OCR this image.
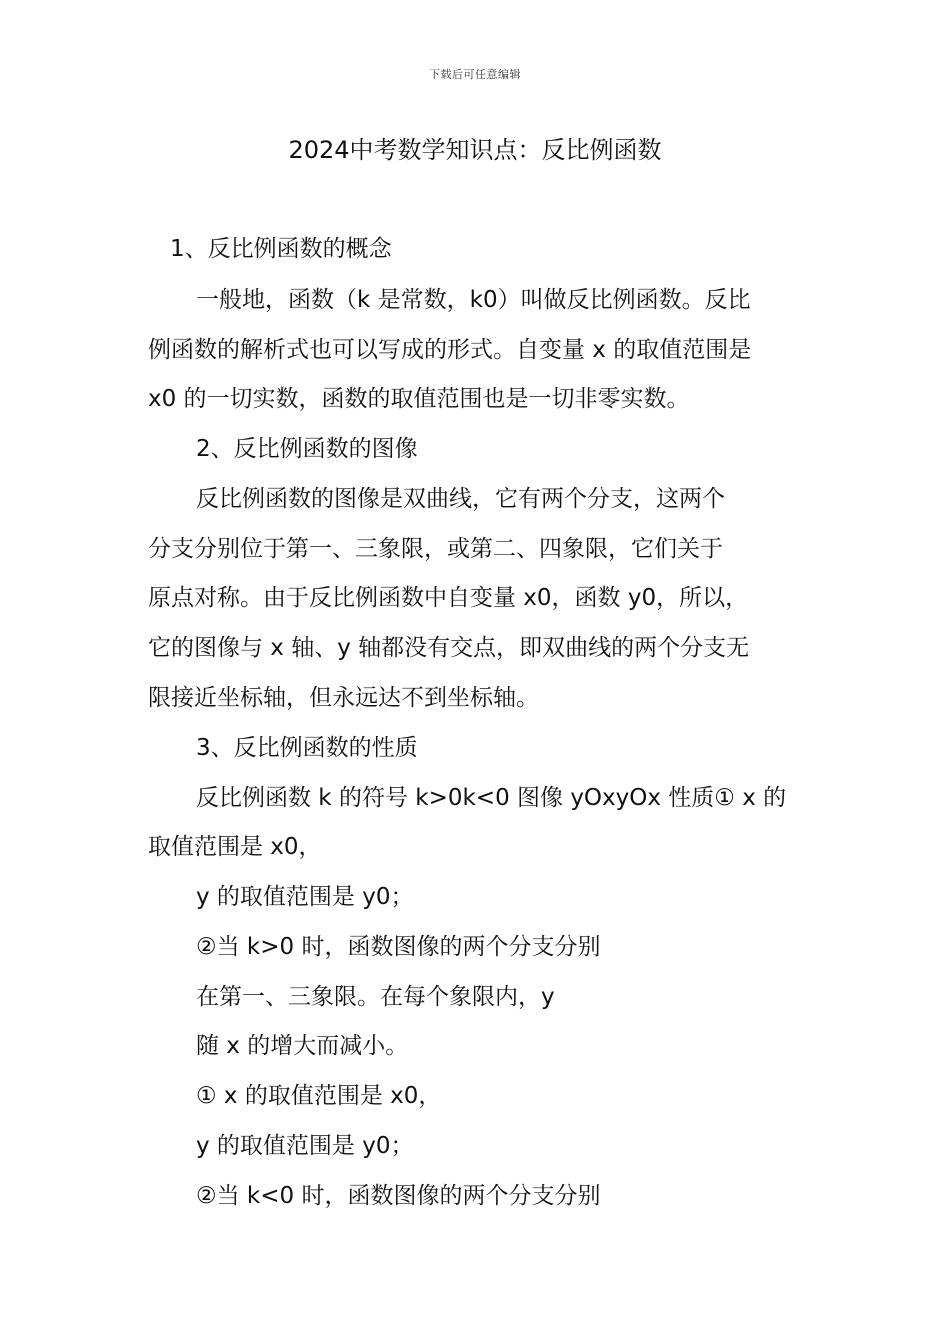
下载后可任意编辑
2024中考数学知识点：反比例函数
1、反比例函数的概念
一般地，函数（k 是常数，k0）叫做反比例函数。反比
例函数的解析式也可以写成的形式。自变量 x 的取值范围是
x0 的一切实数，函数的取值范围也是一切非零实数。
2、反比例函数的图像
反比例函数的图像是双曲线，它有两个分支，这两个
分支分别位于第一、三象限，或第二、四象限，它们关于
原点对称。由于反比例函数中自变量 x0，函数 y0，所以，
它的图像与 x 轴、y 轴都没有交点，即双曲线的两个分支无
限接近坐标轴，但永远达不到坐标轴。
3、反比例函数的性质
反比例函数 k 的符号 k>0k<0 图像 yOxyOx 性质① x 的
取值范围是 x0，
y 的取值范围是 y0；
②当 k>0 时，函数图像的两个分支分别
在第一、三象限。在每个象限内，y
随 x 的增大而减小。
① x 的取值范围是 x0，
y 的取值范围是 y0；
②当 k<0 时，函数图像的两个分支分别
